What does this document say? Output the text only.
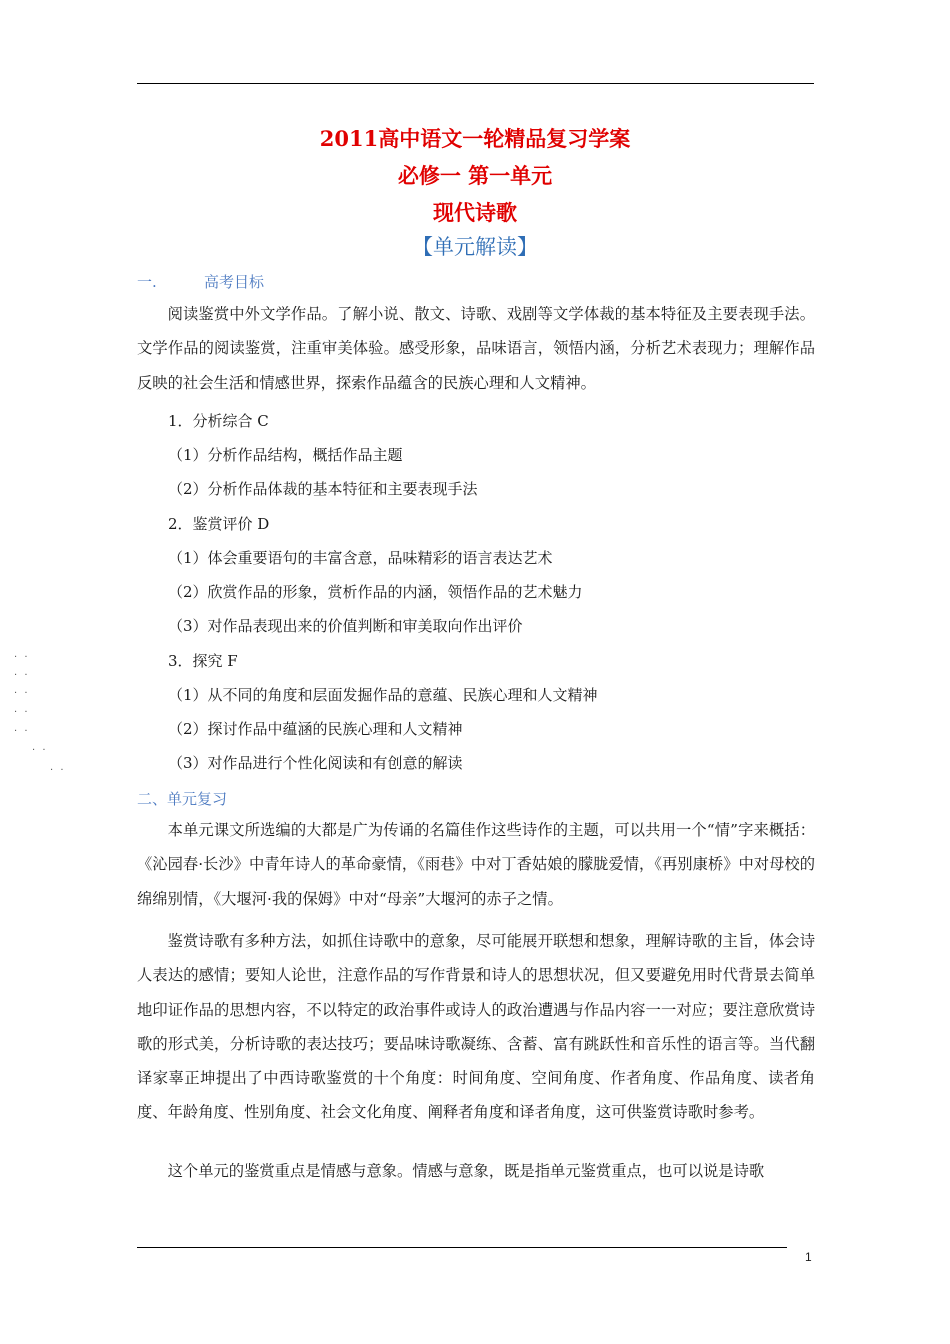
2011高中语文一轮精品复习学案
必修一 第一单元
现代诗歌
【单元解读】
一.	高考目标

阅读鉴赏中外文学作品。了解小说、散文、诗歌、戏剧等文学体裁的基本特征及主要表现手法。文学作品的阅读鉴赏，注重审美体验。感受形象，品味语言，领悟内涵，分析艺术表现力；理解作品反映的社会生活和情感世界，探索作品蕴含的民族心理和人文精神。

1．分析综合 C
（1）分析作品结构，概括作品主题
（2）分析作品体裁的基本特征和主要表现手法
2．鉴赏评价 D
（1）体会重要语句的丰富含意，品味精彩的语言表达艺术
（2）欣赏作品的形象，赏析作品的内涵，领悟作品的艺术魅力
（3）对作品表现出来的价值判断和审美取向作出评价
3．探究 F
（1）从不同的角度和层面发掘作品的意蕴、民族心理和人文精神
（2）探讨作品中蕴涵的民族心理和人文精神
（3）对作品进行个性化阅读和有创意的解读
二、单元复习

本单元课文所选编的大都是广为传诵的名篇佳作这些诗作的主题，可以共用一个“情”字来概括：《沁园春·长沙》中青年诗人的革命豪情，《雨巷》中对丁香姑娘的朦胧爱情，《再别康桥》中对母校的绵绵别情，《大堰河·我的保姆》中对“母亲”大堰河的赤子之情。

鉴赏诗歌有多种方法，如抓住诗歌中的意象，尽可能展开联想和想象，理解诗歌的主旨，体会诗人表达的感情；要知人论世，注意作品的写作背景和诗人的思想状况，但又要避免用时代背景去简单地印证作品的思想内容，不以特定的政治事件或诗人的政治遭遇与作品内容一一对应；要注意欣赏诗歌的形式美，分析诗歌的表达技巧；要品味诗歌凝练、含蓄、富有跳跃性和音乐性的语言等。当代翻译家辜正坤提出了中西诗歌鉴赏的十个角度：时间角度、空间角度、作者角度、作品角度、读者角度、年龄角度、性别角度、社会文化角度、阐释者角度和译者角度，这可供鉴赏诗歌时参考。

这个单元的鉴赏重点是情感与意象。情感与意象，既是指单元鉴赏重点，也可以说是诗歌

· ·
· ·
· ·
· ·
· ·
· ·
· ·
1
